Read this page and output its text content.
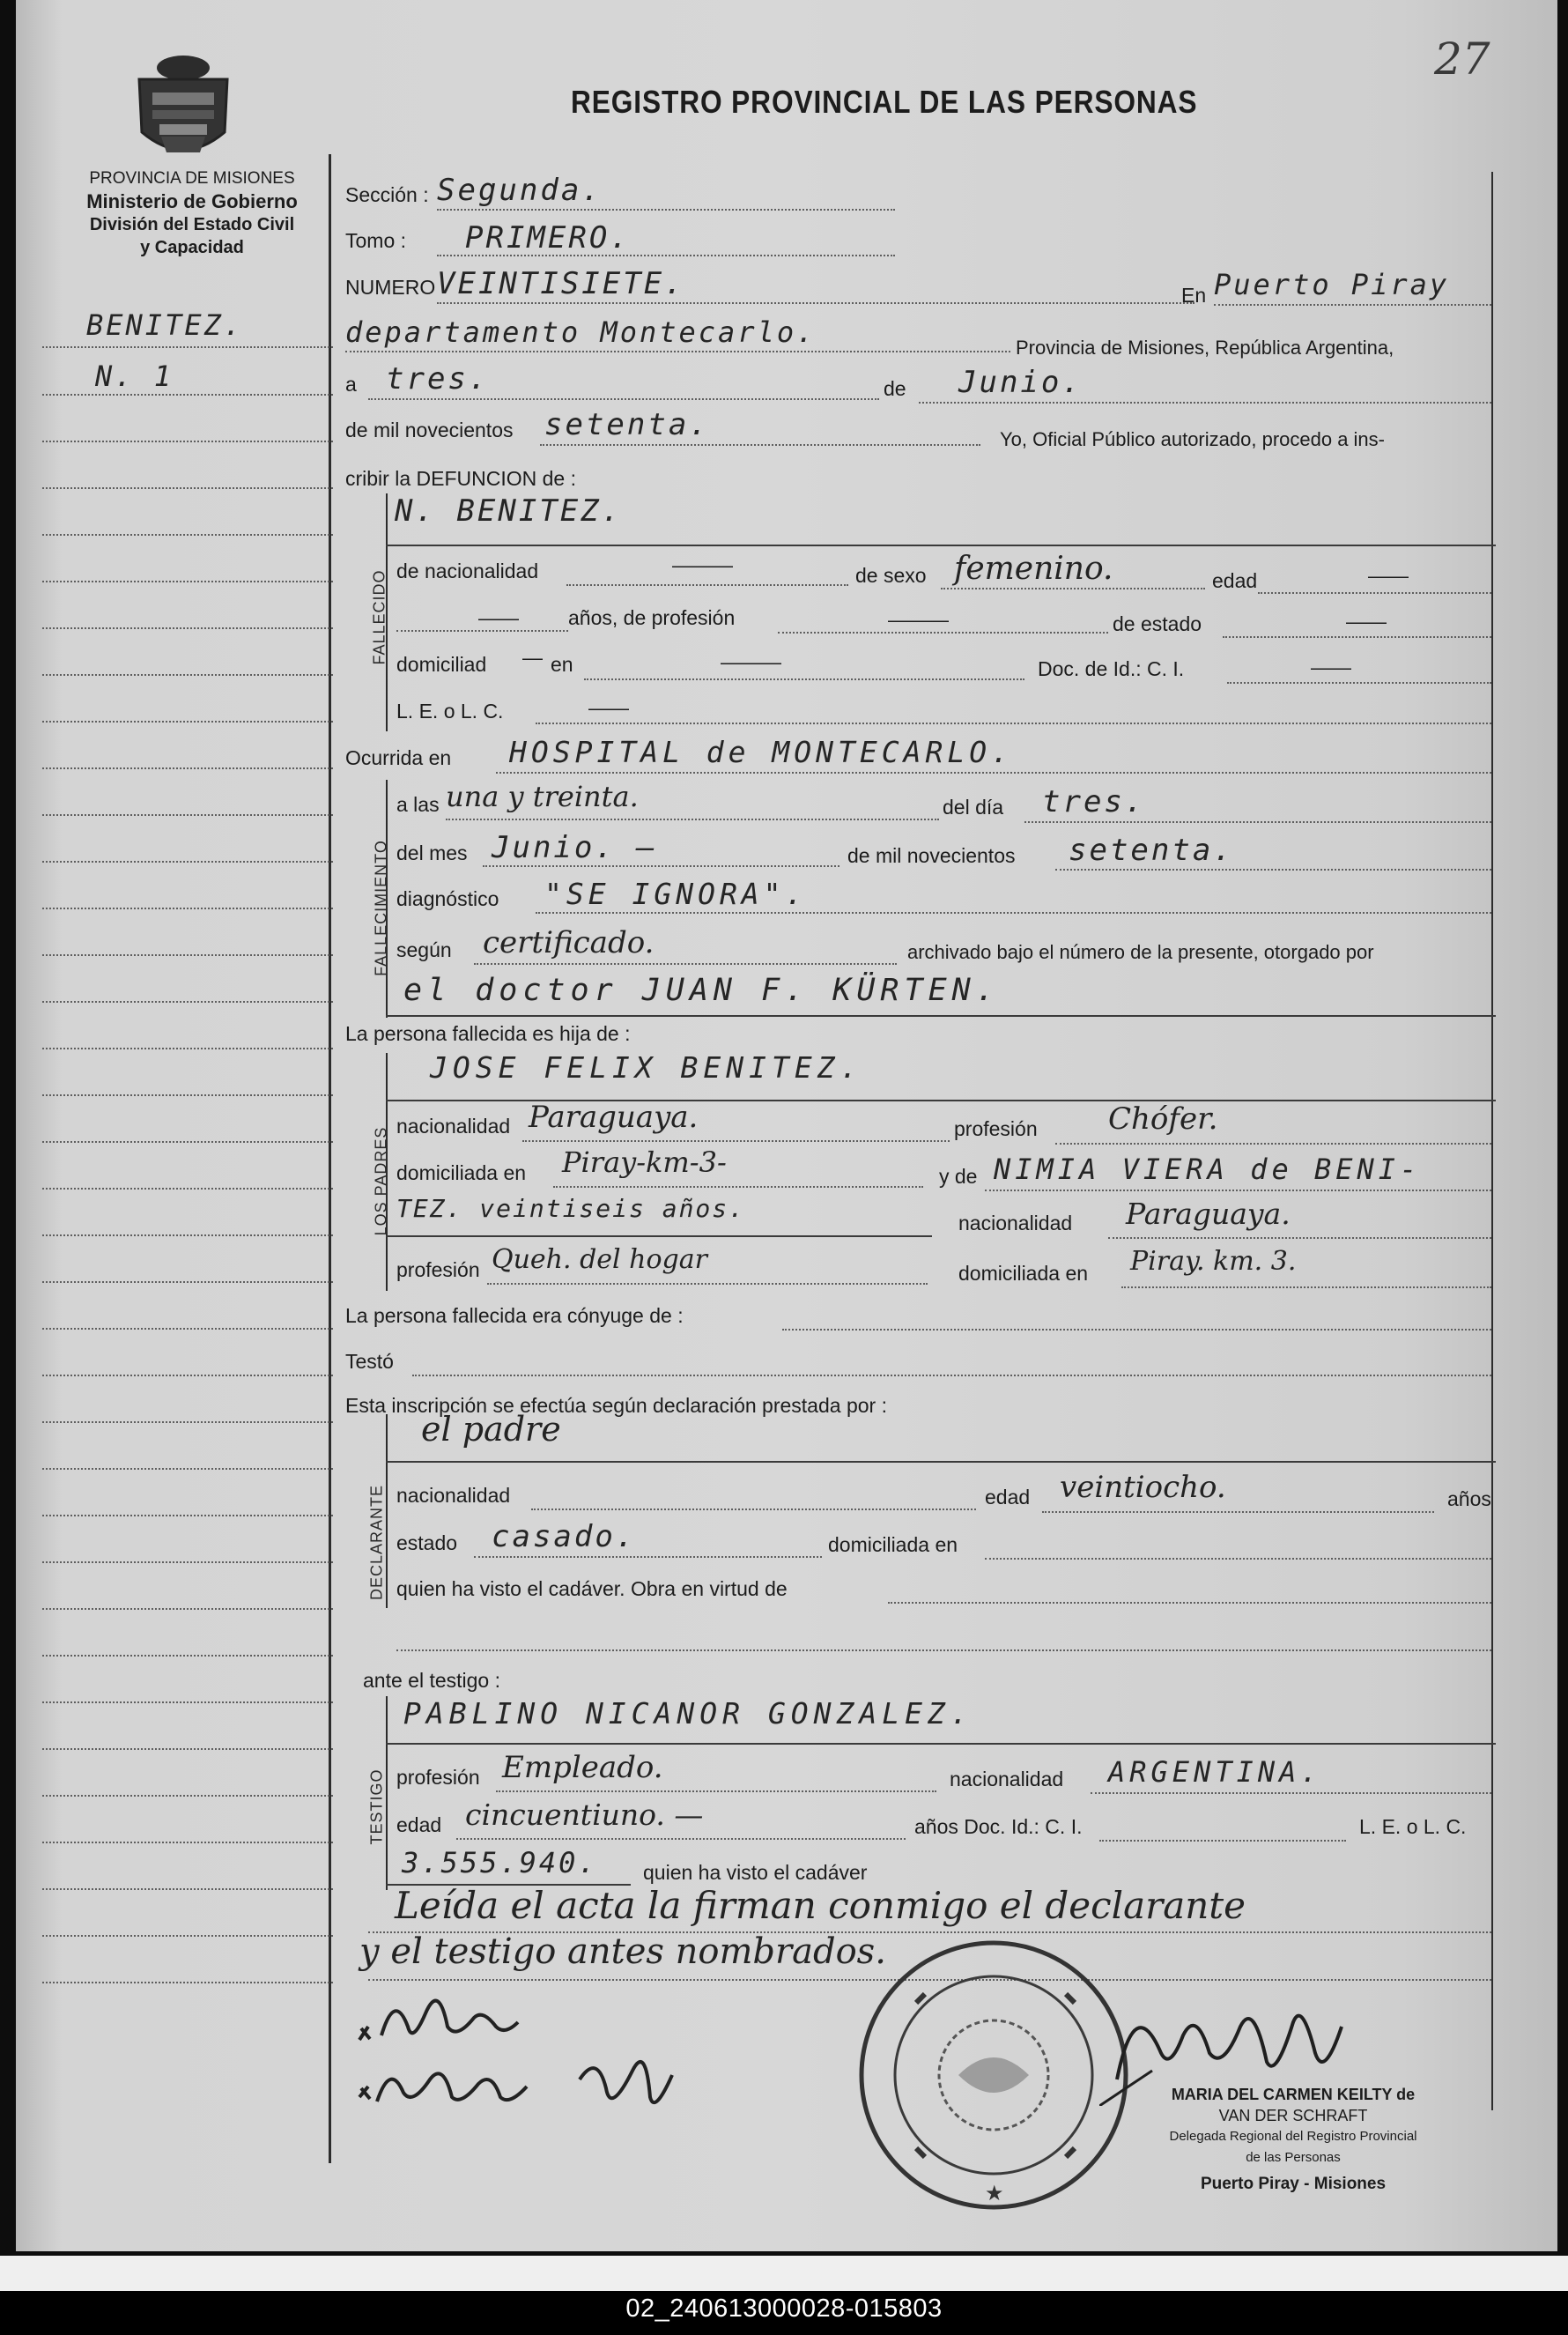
27
PROVINCIA DE MISIONES
Ministerio de Gobierno
División del Estado Civil
y Capacidad
REGISTRO PROVINCIAL DE LAS PERSONAS
BENITEZ.
N. 1
Sección : Segunda.
Tomo : PRIMERO.
NUMERO VEINTISIETE.	En Puerto Piray
departamento Montecarlo.	Provincia de Misiones, República Argentina,
a tres.	de Junio.
de mil novecientos setenta.	Yo, Oficial Público autorizado, procedo a ins-
cribir la DEFUNCION de :
FALLECIDO
N. BENITEZ.
de nacionalidad	———	de sexo femenino.	edad	——
—— años, de profesión	———	de estado	——
domiciliad — en	———	Doc. de Id.: C. I.	——
L. E. o L. C.	——
Ocurrida en HOSPITAL de MONTECARLO.
FALLECIMIENTO
a las una y treinta.	del día tres.
del mes Junio. —	de mil novecientos setenta.
diagnóstico "SE IGNORA".
según certificado.	archivado bajo el número de la presente, otorgado por
el doctor JUAN F. KÜRTEN.
La persona fallecida es hija de :
LOS PADRES
JOSE FELIX BENITEZ.
nacionalidad Paraguaya.	profesión Chófer.
domiciliada en Piray-km-3-	y de NIMIA VIERA de BENI-
TEZ. veintiseis años.	nacionalidad Paraguaya.
profesión Queh. del hogar	domiciliada en Piray. km. 3.
La persona fallecida era cónyuge de :
Testó
Esta inscripción se efectúa según declaración prestada por :
DECLARANTE
el padre
nacionalidad	edad veintiocho.	años
estado casado.	domiciliada en
quien ha visto el cadáver. Obra en virtud de
ante el testigo :
TESTIGO
PABLINO NICANOR GONZALEZ.
profesión Empleado.	nacionalidad ARGENTINA.
edad cincuentiuno. —	años Doc. Id.: C. I.	L. E. o L. C.
3.555.940. quien ha visto el cadáver
Leída el acta la firman conmigo el declarante
y el testigo antes nombrados.
★
MARIA DEL CARMEN KEILTY de
VAN DER SCHRAFT
Delegada Regional del Registro Provincial
de las Personas
Puerto Piray - Misiones
02_240613000028-015803
